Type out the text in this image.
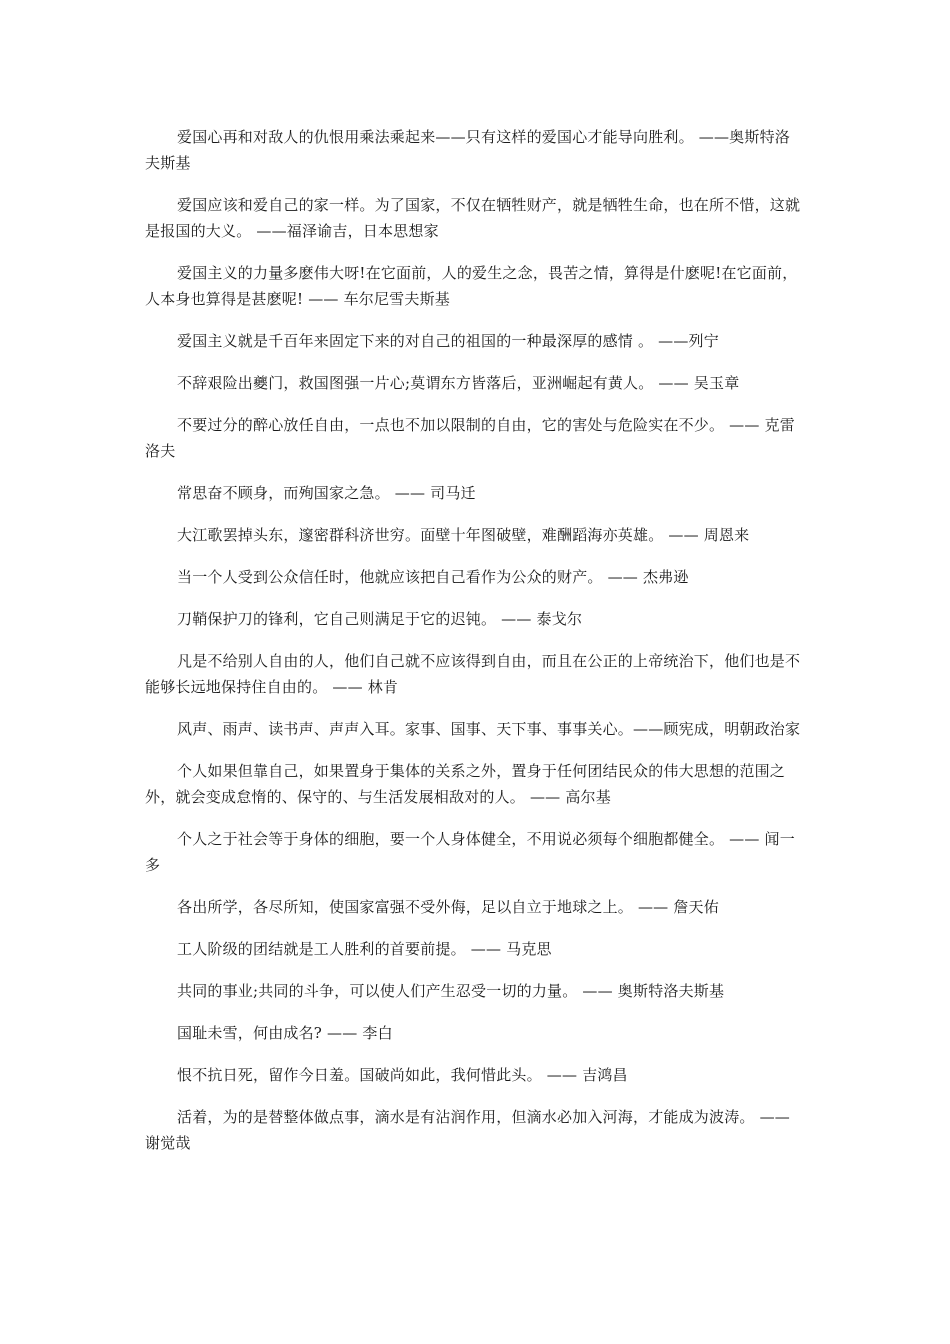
爱国心再和对敌人的仇恨用乘法乘起来——只有这样的爱国心才能导向胜利。 ——奥斯特洛夫斯基

爱国应该和爱自己的家一样。为了国家，不仅在牺牲财产，就是牺牲生命，也在所不惜，这就是报国的大义。 ——福泽谕吉，日本思想家

爱国主义的力量多麽伟大呀!在它面前，人的爱生之念，畏苦之情，算得是什麽呢!在它面前，人本身也算得是甚麽呢! —— 车尔尼雪夫斯基

爱国主义就是千百年来固定下来的对自己的祖国的一种最深厚的感情 。 ——列宁

不辞艰险出夔门，救国图强一片心;莫谓东方皆落后，亚洲崛起有黄人。 —— 吴玉章

不要过分的醉心放任自由，一点也不加以限制的自由，它的害处与危险实在不少。 —— 克雷洛夫

常思奋不顾身，而殉国家之急。 —— 司马迁

大江歌罢掉头东，邃密群科济世穷。面壁十年图破壁，难酬蹈海亦英雄。 —— 周恩来

当一个人受到公众信任时，他就应该把自己看作为公众的财产。 —— 杰弗逊

刀鞘保护刀的锋利，它自己则满足于它的迟钝。 —— 泰戈尔

凡是不给别人自由的人，他们自己就不应该得到自由，而且在公正的上帝统治下，他们也是不能够长远地保持住自由的。 —— 林肯

风声、雨声、读书声、声声入耳。家事、国事、天下事、事事关心。——顾宪成，明朝政治家

个人如果但靠自己，如果置身于集体的关系之外，置身于任何团结民众的伟大思想的范围之外，就会变成怠惰的、保守的、与生活发展相敌对的人。 —— 高尔基

个人之于社会等于身体的细胞，要一个人身体健全，不用说必须每个细胞都健全。 —— 闻一多

各出所学，各尽所知，使国家富强不受外侮，足以自立于地球之上。 —— 詹天佑

工人阶级的团结就是工人胜利的首要前提。 —— 马克思

共同的事业;共同的斗争，可以使人们产生忍受一切的力量。 —— 奥斯特洛夫斯基

国耻未雪，何由成名? —— 李白

恨不抗日死，留作今日羞。国破尚如此，我何惜此头。 —— 吉鸿昌

活着，为的是替整体做点事，滴水是有沾润作用，但滴水必加入河海，才能成为波涛。 —— 谢觉哉
